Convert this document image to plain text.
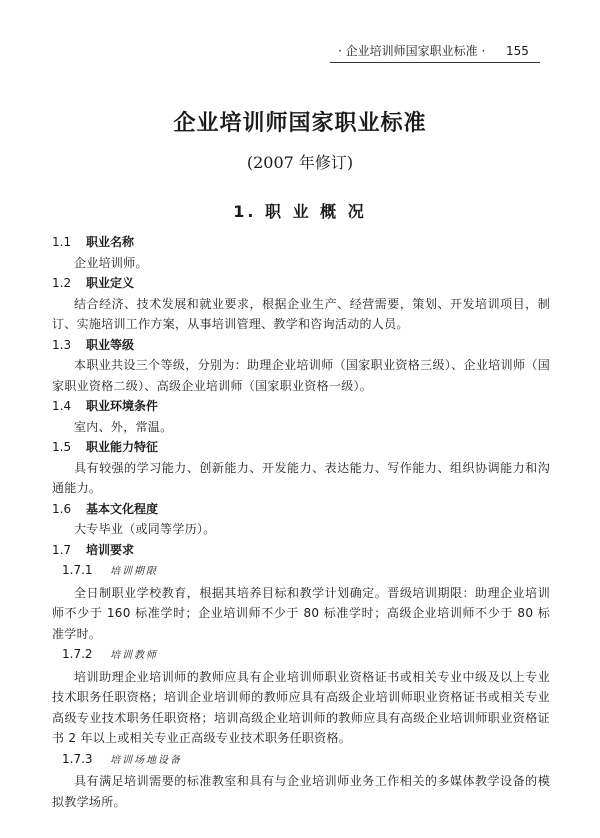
· 企业培训师国家职业标准 · 155
企业培训师国家职业标准
(2007 年修订)
1. 职 业 概 况

1.1 职业名称

企业培训师。

1.2 职业定义

结合经济、技术发展和就业要求，根据企业生产、经营需要，策划、开发培训项目，制订、实施培训工作方案，从事培训管理、教学和咨询活动的人员。

1.3 职业等级

本职业共设三个等级，分别为：助理企业培训师（国家职业资格三级）、企业培训师（国家职业资格二级）、高级企业培训师（国家职业资格一级）。

1.4 职业环境条件

室内、外，常温。

1.5 职业能力特征

具有较强的学习能力、创新能力、开发能力、表达能力、写作能力、组织协调能力和沟通能力。

1.6 基本文化程度

大专毕业（或同等学历）。

1.7 培训要求

1.7.1 培训期限

全日制职业学校教育，根据其培养目标和教学计划确定。晋级培训期限：助理企业培训师不少于 160 标准学时；企业培训师不少于 80 标准学时；高级企业培训师不少于 80 标准学时。

1.7.2 培训教师

培训助理企业培训师的教师应具有企业培训师职业资格证书或相关专业中级及以上专业技术职务任职资格；培训企业培训师的教师应具有高级企业培训师职业资格证书或相关专业高级专业技术职务任职资格；培训高级企业培训师的教师应具有高级企业培训师职业资格证书 2 年以上或相关专业正高级专业技术职务任职资格。

1.7.3 培训场地设备

具有满足培训需要的标准教室和具有与企业培训师业务工作相关的多媒体教学设备的模拟教学场所。
